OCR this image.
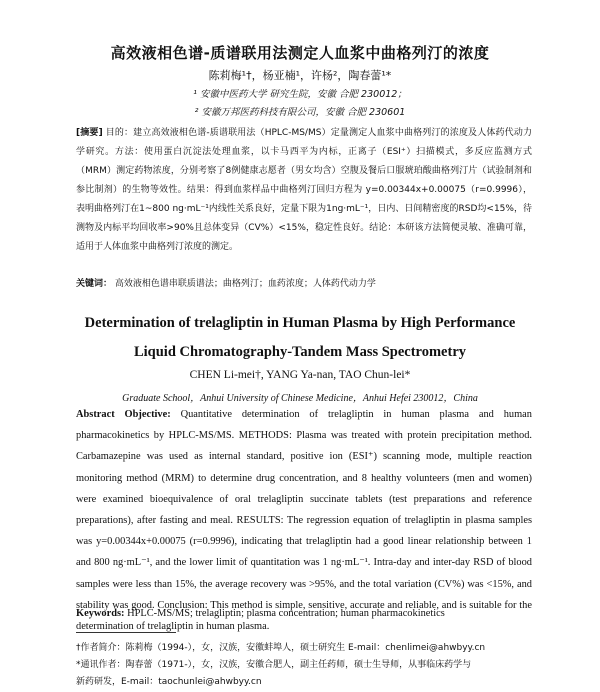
高效液相色谱-质谱联用法测定人血浆中曲格列汀的浓度
陈莉梅¹†，杨亚楠¹，许杨²，陶春蕾¹*
¹ 安徽中医药大学 研究生院，安徽 合肥 230012；
² 安徽万邦医药科技有限公司，安徽 合肥 230601
[摘要] 目的：建立高效液相色谱-质谱联用法（HPLC-MS/MS）定量测定人血浆中曲格列汀的浓度及人体药代动力学研究。方法：使用蛋白沉淀法处理血浆，以卡马西平为内标，正离子（ESI⁺）扫描模式，多反应监测方式（MRM）测定药物浓度，分别考察了8例健康志愿者（男女均含）空腹及餐后口服琥珀酸曲格列汀片（试验制剂和参比制剂）的生物等效性。结果：得到血浆样品中曲格列汀回归方程为 y=0.00344x+0.00075（r=0.9996），表明曲格列汀在1~800 ng·mL⁻¹内线性关系良好，定量下限为1ng·mL⁻¹，日内、日间精密度的RSD均<15%，待测物及内标平均回收率>90%且总体变异（CV%）<15%，稳定性良好。结论：本研该方法简便灵敏、准确可靠，适用于人体血浆中曲格列汀浓度的测定。
关键词： 高效液相色谱串联质谱法；曲格列汀；血药浓度；人体药代动力学
Determination of trelagliptin in Human Plasma by High Performance
Liquid Chromatography-Tandem Mass Spectrometry
CHEN Li-mei†, YANG Ya-nan, TAO Chun-lei*
Graduate School，Anhui University of Chinese Medicine，Anhui Hefei 230012，China
Abstract Objective: Quantitative determination of trelagliptin in human plasma and human pharmacokinetics by HPLC-MS/MS. METHODS: Plasma was treated with protein precipitation method. Carbamazepine was used as internal standard, positive ion (ESI⁺) scanning mode, multiple reaction monitoring method (MRM) to determine drug concentration, and 8 healthy volunteers (men and women) were examined bioequivalence of oral trelagliptin succinate tablets (test preparations and reference preparations), after fasting and meal. RESULTS: The regression equation of trelagliptin in plasma samples was y=0.00344x+0.00075 (r=0.9996), indicating that trelagliptin had a good linear relationship between 1 and 800 ng·mL⁻¹, and the lower limit of quantitation was 1 ng·mL⁻¹. Intra-day and inter-day RSD of blood samples were less than 15%, the average recovery was >95%, and the total variation (CV%) was <15%, and stability was good. Conclusion: This method is simple, sensitive, accurate and reliable, and is suitable for the determination of trelagliptin in human plasma.
Keywords: HPLC-MS/MS; trelagliptin; plasma concentration; human pharmacokinetics
†作者简介：陈莉梅（1994-），女，汉族，安徽蚌埠人，硕士研究生 E-mail：chenlimei@ahwbyy.cn
*通讯作者：陶春蕾（1971-），女，汉族，安徽合肥人，副主任药师，硕士生导师，从事临床药学与
新药研发，E-mail：taochunlei@ahwbyy.cn
